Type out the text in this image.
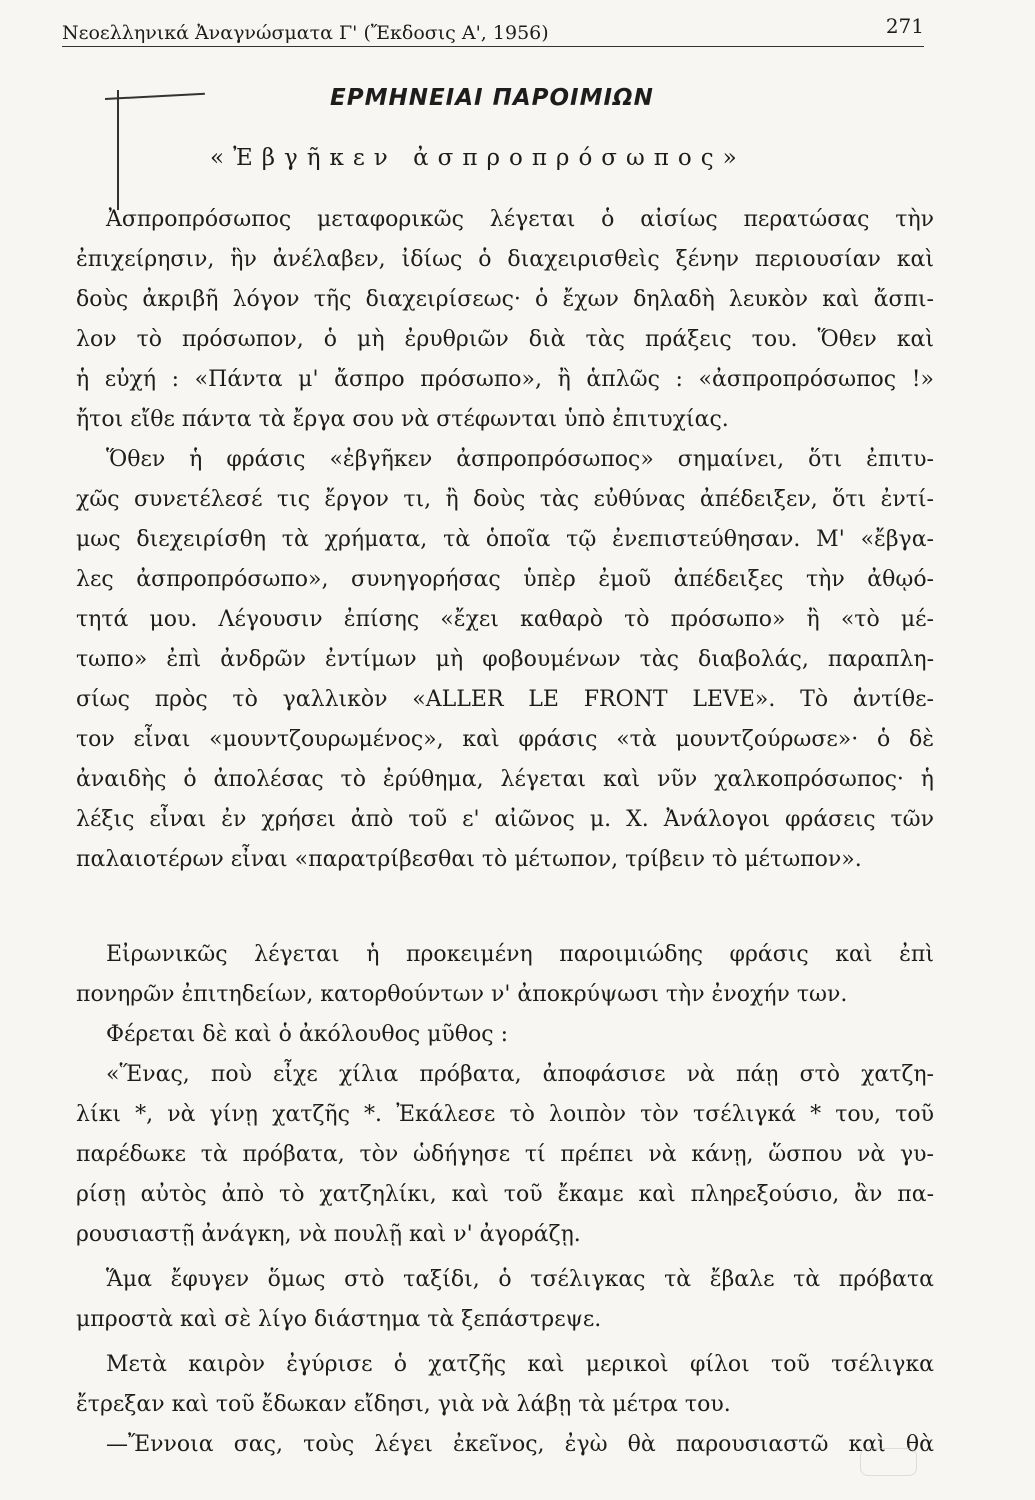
Νεοελληνικά Ἀναγνώσματα Γ' (Ἔκδοσις Α', 1956)	271
ΕΡΜΗΝΕΙΑΙ ΠΑΡΟΙΜΙΩΝ
«Ἐβγῆκεν ἀσπροπρόσωπος»
Ἀσπροπρόσωπος μεταφορικῶς λέγεται ὁ αἰσίως περατώσας τὴν
ἐπιχείρησιν, ἣν ἀνέλαβεν, ἰδίως ὁ διαχειρισθεὶς ξένην περιουσίαν καὶ
δοὺς ἀκριβῆ λόγον τῆς διαχειρίσεως· ὁ ἔχων δηλαδὴ λευκὸν καὶ ἄσπι-
λον τὸ πρόσωπον, ὁ μὴ ἐρυθριῶν διὰ τὰς πράξεις του. Ὅθεν καὶ
ἡ εὐχή : «Πάντα μ' ἄσπρο πρόσωπο», ἢ ἁπλῶς : «ἀσπροπρόσωπος !»
ἤτοι εἴθε πάντα τὰ ἔργα σου νὰ στέφωνται ὑπὸ ἐπιτυχίας.
Ὅθεν ἡ φράσις «ἐβγῆκεν ἀσπροπρόσωπος» σημαίνει, ὅτι ἐπιτυ-
χῶς συνετέλεσέ τις ἔργον τι, ἢ δοὺς τὰς εὐθύνας ἀπέδειξεν, ὅτι ἐντί-
μως διεχειρίσθη τὰ χρήματα, τὰ ὁποῖα τῷ ἐνεπιστεύθησαν. Μ' «ἔβγα-
λες ἀσπροπρόσωπο», συνηγορήσας ὑπὲρ ἐμοῦ ἀπέδειξες τὴν ἀθῳό-
τητά μου. Λέγουσιν ἐπίσης «ἔχει καθαρὸ τὸ πρόσωπο» ἢ «τὸ μέ-
τωπο» ἐπὶ ἀνδρῶν ἐντίμων μὴ φοβουμένων τὰς διαβολάς, παραπλη-
σίως πρὸς τὸ γαλλικὸν «ALLER LE FRONT LEVE». Τὸ ἀντίθε-
τον εἶναι «μουντζουρωμένος», καὶ φράσις «τὰ μουντζούρωσε»· ὁ δὲ
ἀναιδὴς ὁ ἀπολέσας τὸ ἐρύθημα, λέγεται καὶ νῦν χαλκοπρόσωπος· ἡ
λέξις εἶναι ἐν χρήσει ἀπὸ τοῦ ε' αἰῶνος μ. Χ. Ἀνάλογοι φράσεις τῶν
παλαιοτέρων εἶναι «παρατρίβεσθαι τὸ μέτωπον, τρίβειν τὸ μέτωπον».
Εἰρωνικῶς λέγεται ἡ προκειμένη παροιμιώδης φράσις καὶ ἐπὶ
πονηρῶν ἐπιτηδείων, κατορθούντων ν' ἀποκρύψωσι τὴν ἐνοχήν των.
Φέρεται δὲ καὶ ὁ ἀκόλουθος μῦθος :
«Ἕνας, ποὺ εἶχε χίλια πρόβατα, ἀποφάσισε νὰ πάῃ στὸ χατζη-
λίκι *, νὰ γίνῃ χατζῆς *. Ἐκάλεσε τὸ λοιπὸν τὸν τσέλιγκά * του, τοῦ
παρέδωκε τὰ πρόβατα, τὸν ὡδήγησε τί πρέπει νὰ κάνῃ, ὥσπου νὰ γυ-
ρίσῃ αὐτὸς ἀπὸ τὸ χατζηλίκι, καὶ τοῦ ἔκαμε καὶ πληρεξούσιο, ἂν πα-
ρουσιαστῇ ἀνάγκη, νὰ πουλῇ καὶ ν' ἀγοράζῃ.
Ἅμα ἔφυγεν ὅμως στὸ ταξίδι, ὁ τσέλιγκας τὰ ἔβαλε τὰ πρόβατα
μπροστὰ καὶ σὲ λίγο διάστημα τὰ ξεπάστρεψε.
Μετὰ καιρὸν ἐγύρισε ὁ χατζῆς καὶ μερικοὶ φίλοι τοῦ τσέλιγκα
ἔτρεξαν καὶ τοῦ ἔδωκαν εἴδησι, γιὰ νὰ λάβῃ τὰ μέτρα του.
—Ἔννοια σας, τοὺς λέγει ἐκεῖνος, ἐγὼ θὰ παρουσιαστῶ καὶ θὰ
